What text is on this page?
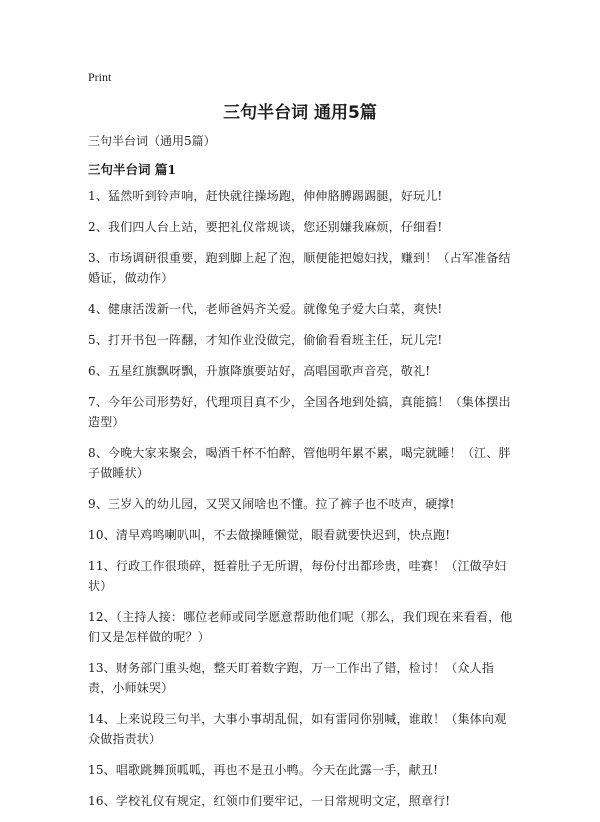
Print
三句半台词 通用5篇
三句半台词（通用5篇）
三句半台词 篇1
1、猛然听到铃声响，赶快就往操场跑，伸伸胳膊踢踢腿，好玩儿!
2、我们四人台上站，要把礼仪常规谈，您还别嫌我麻烦，仔细看!
3、市场调研很重要，跑到脚上起了泡，顺便能把媳妇找，赚到！（占军准备结婚证，做动作）
4、健康活泼新一代，老师爸妈齐关爱。就像兔子爱大白菜，爽快!
5、打开书包一阵翻，才知作业没做完，偷偷看看班主任，玩儿完!
6、五星红旗飘呀飘，升旗降旗要站好，高唱国歌声音亮，敬礼!
7、今年公司形势好，代理项目真不少，全国各地到处搞，真能搞！（集体摆出造型）
8、今晚大家来聚会，喝酒千杯不怕醉，管他明年累不累，喝完就睡！（江、胖子做睡状）
9、三岁入的幼儿园，又哭又闹啥也不懂。拉了裤子也不吱声，硬撑!
10、清早鸡鸣喇叭叫，不去做操睡懒觉，眼看就要快迟到，快点跑!
11、行政工作很琐碎，挺着肚子无所谓，每份付出都珍贵，哇赛！（江做孕妇状）
12、（主持人接：哪位老师或同学愿意帮助他们呢（那么，我们现在来看看，他们又是怎样做的呢？）
13、财务部门重头炮，整天盯着数字跑，万一工作出了错，检讨！（众人指责，小师妹哭）
14、上来说段三句半，大事小事胡乱侃，如有雷同你别喊，谁敢！（集体向观众做指责状）
15、唱歌跳舞顶呱呱，再也不是丑小鸭。今天在此露一手，献丑!
16、学校礼仪有规定，红领巾们要牢记，一日常规明文定，照章行!
